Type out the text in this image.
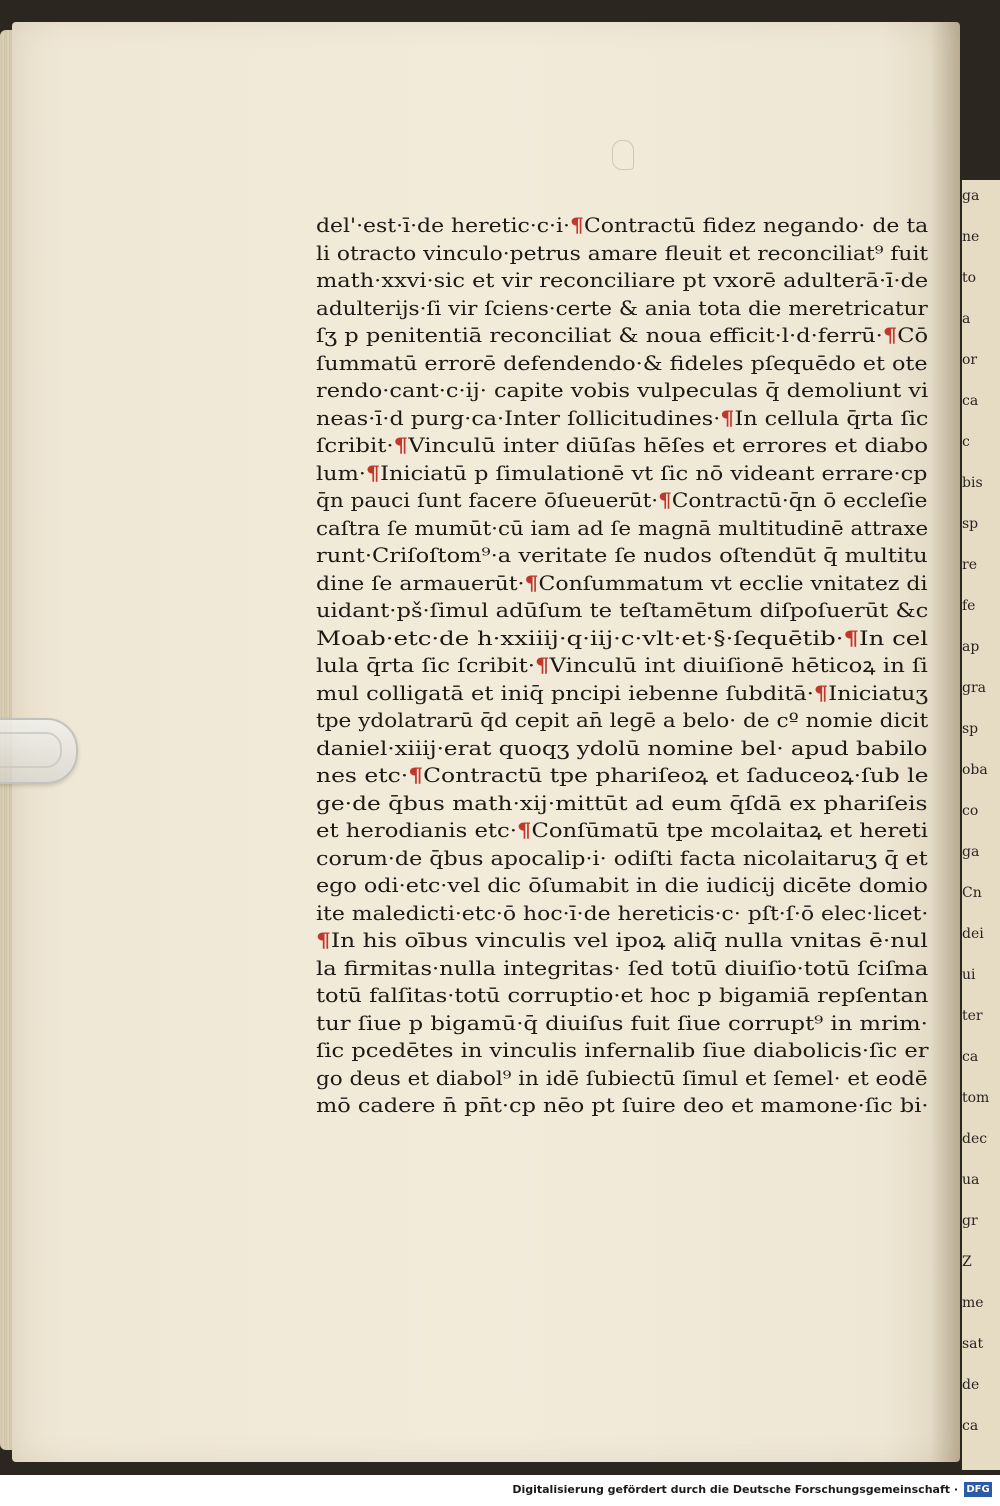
ga
ne
to
a
or
ca
c
bis
sp
re
fe
ap
gra
sp
oba
co
ga
Cn
dei
ui
ter
ca
tom
dec
ua
gr
Z
me
sat
de
ca
del'·est·ī·de heretic·c·i·¶Contractū fidez negando· de ta
li otracto vinculo·petrus amare fleuit et reconciliat⁹ fuit
math·xxvi·sic et vir reconciliare pt vxorē adulterā·ī·de
adulterijs·ſi vir ſciens·certe & ania tota die meretricatur
ſʒ p penitentiā reconciliat & noua efficit·l·d·ferrū·¶Cō
ſummatū errorē defendendo·& fideles pſequēdo et ote
rendo·cant·c·ij· capite vobis vulpeculas q̄ demoliunt vi
neas·ī·d purg·ca·Inter ſollicitudines·¶In cellula q̄rta ſic
ſcribit·¶Vinculū inter diūſas hēſes et errores et diabo
lum·¶Iniciatū p ſimulationē vt ſic nō videant errare·cp
q̄n pauci ſunt facere ōſueuerūt·¶Contractū·q̄n ō eccleſie
caſtra ſe mumūt·cū iam ad ſe magnā multitudinē attraxe
runt·Criſoſtom⁹·a veritate ſe nudos oſtendūt q̄ multitu
dine ſe armauerūt·¶Conſummatum vt ecclie vnitatez di
uidant·pš·ſimul adūſum te teſtamētum diſpoſuerūt &c
Moab·etc·de h·xxiiij·q·iij·c·vlt·et·§·ſequētib·¶In cel
lula q̄rta ſic ſcribit·¶Vinculū int diuiſionē hēticoꝝ in ſi
mul colligatā et iniq̄ pncipi iebenne ſubditā·¶Iniciatuʒ
tpe ydolatrarū q̄d cepit an̄ legē a belo· de cº nomie dicit
daniel·xiiij·erat quoqʒ ydolū nomine bel· apud babilo
nes etc·¶Contractū tpe phariſeoꝝ et ſaduceoꝝ·ſub le
ge·de q̄bus math·xij·mittūt ad eum q̄ſdā ex phariſeis
et herodianis etc·¶Conſūmatū tpe mcolaitaꝝ et hereti
corum·de q̄bus apocalip·i· odiſti facta nicolaitaruʒ q̄ et
ego odi·etc·vel dic ōſumabit in die iudicij dicēte domio
ite maledicti·etc·ō hoc·ī·de hereticis·c· pſt·ſ·ō elec·licet·
¶In his oībus vinculis vel ipoꝝ aliq̄ nulla vnitas ē·nul
la firmitas·nulla integritas· ſed totū diuiſio·totū ſciſma
totū falſitas·totū corruptio·et hoc p bigamiā repſentan
tur ſiue p bigamū·q̄ diuiſus fuit ſiue corrupt⁹ in mrim·
ſic pcedētes in vinculis infernalib ſiue diabolicis·ſic er
go deus et diabol⁹ in idē ſubiectū ſimul et ſemel· et eodē
mō cadere n̄ pn̄t·cp nēo pt ſuire deo et mamone·ſic bi·
Digitalisierung gefördert durch die Deutsche Forschungsgemeinschaft · DFG
